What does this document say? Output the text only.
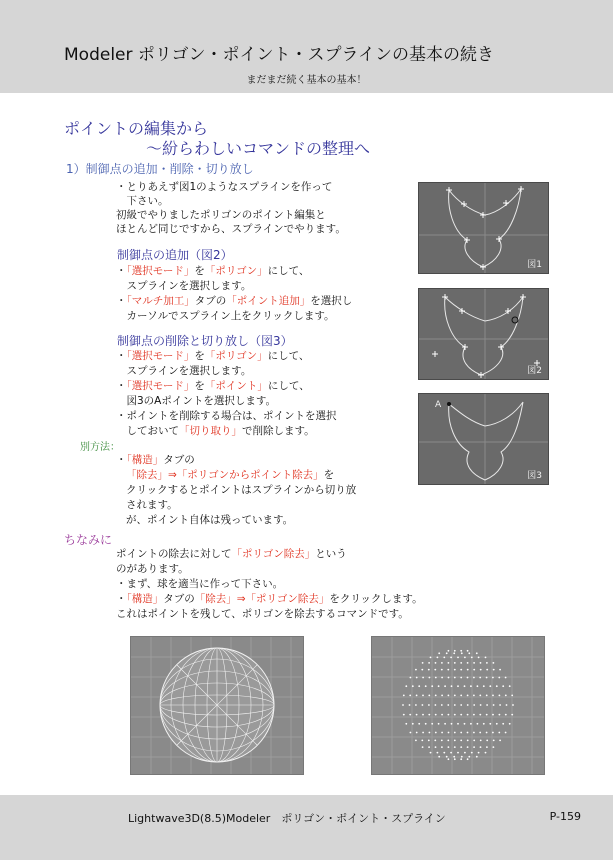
Modeler ポリゴン・ポイント・スプラインの基本の続き
まだまだ続く基本の基本！
ポイントの編集から
～紛らわしいコマンドの整理へ
1）制御点の追加・削除・切り放し
・とりあえず図1のようなスプラインを作って
　下さい。
初級でやりましたポリゴンのポイント編集と
ほとんど同じですから、スプラインでやります。
制御点の追加（図2）
・「選択モード」を「ポリゴン」にして、
　スプラインを選択します。
・「マルチ加工」タブの「ポイント追加」を選択し
　カーソルでスプライン上をクリックします。
制御点の削除と切り放し（図3）
・「選択モード」を「ポリゴン」にして、
　スプラインを選択します。
・「選択モード」を「ポイント」にして、
　図3のAポイントを選択します。
・ポイントを削除する場合は、ポイントを選択
　しておいて「切り取り」で削除します。
別方法：
・「構造」タブの
「除去」⇒「ポリゴンからポイント除去」を
クリックするとポイントはスプラインから切り放
されます。
が、ポイント自体は残っています。
ちなみに
ポイントの除去に対して「ポリゴン除去」という
のがあります。
・まず、球を適当に作って下さい。
・「構造」タブの「除去」⇒「ポリゴン除去」をクリックします。
これはポイントを残して、ポリゴンを除去するコマンドです。
図1
図2
A
図3
Lightwave3D(8.5)Modeler　ポリゴン・ポイント・スプライン	P-159
